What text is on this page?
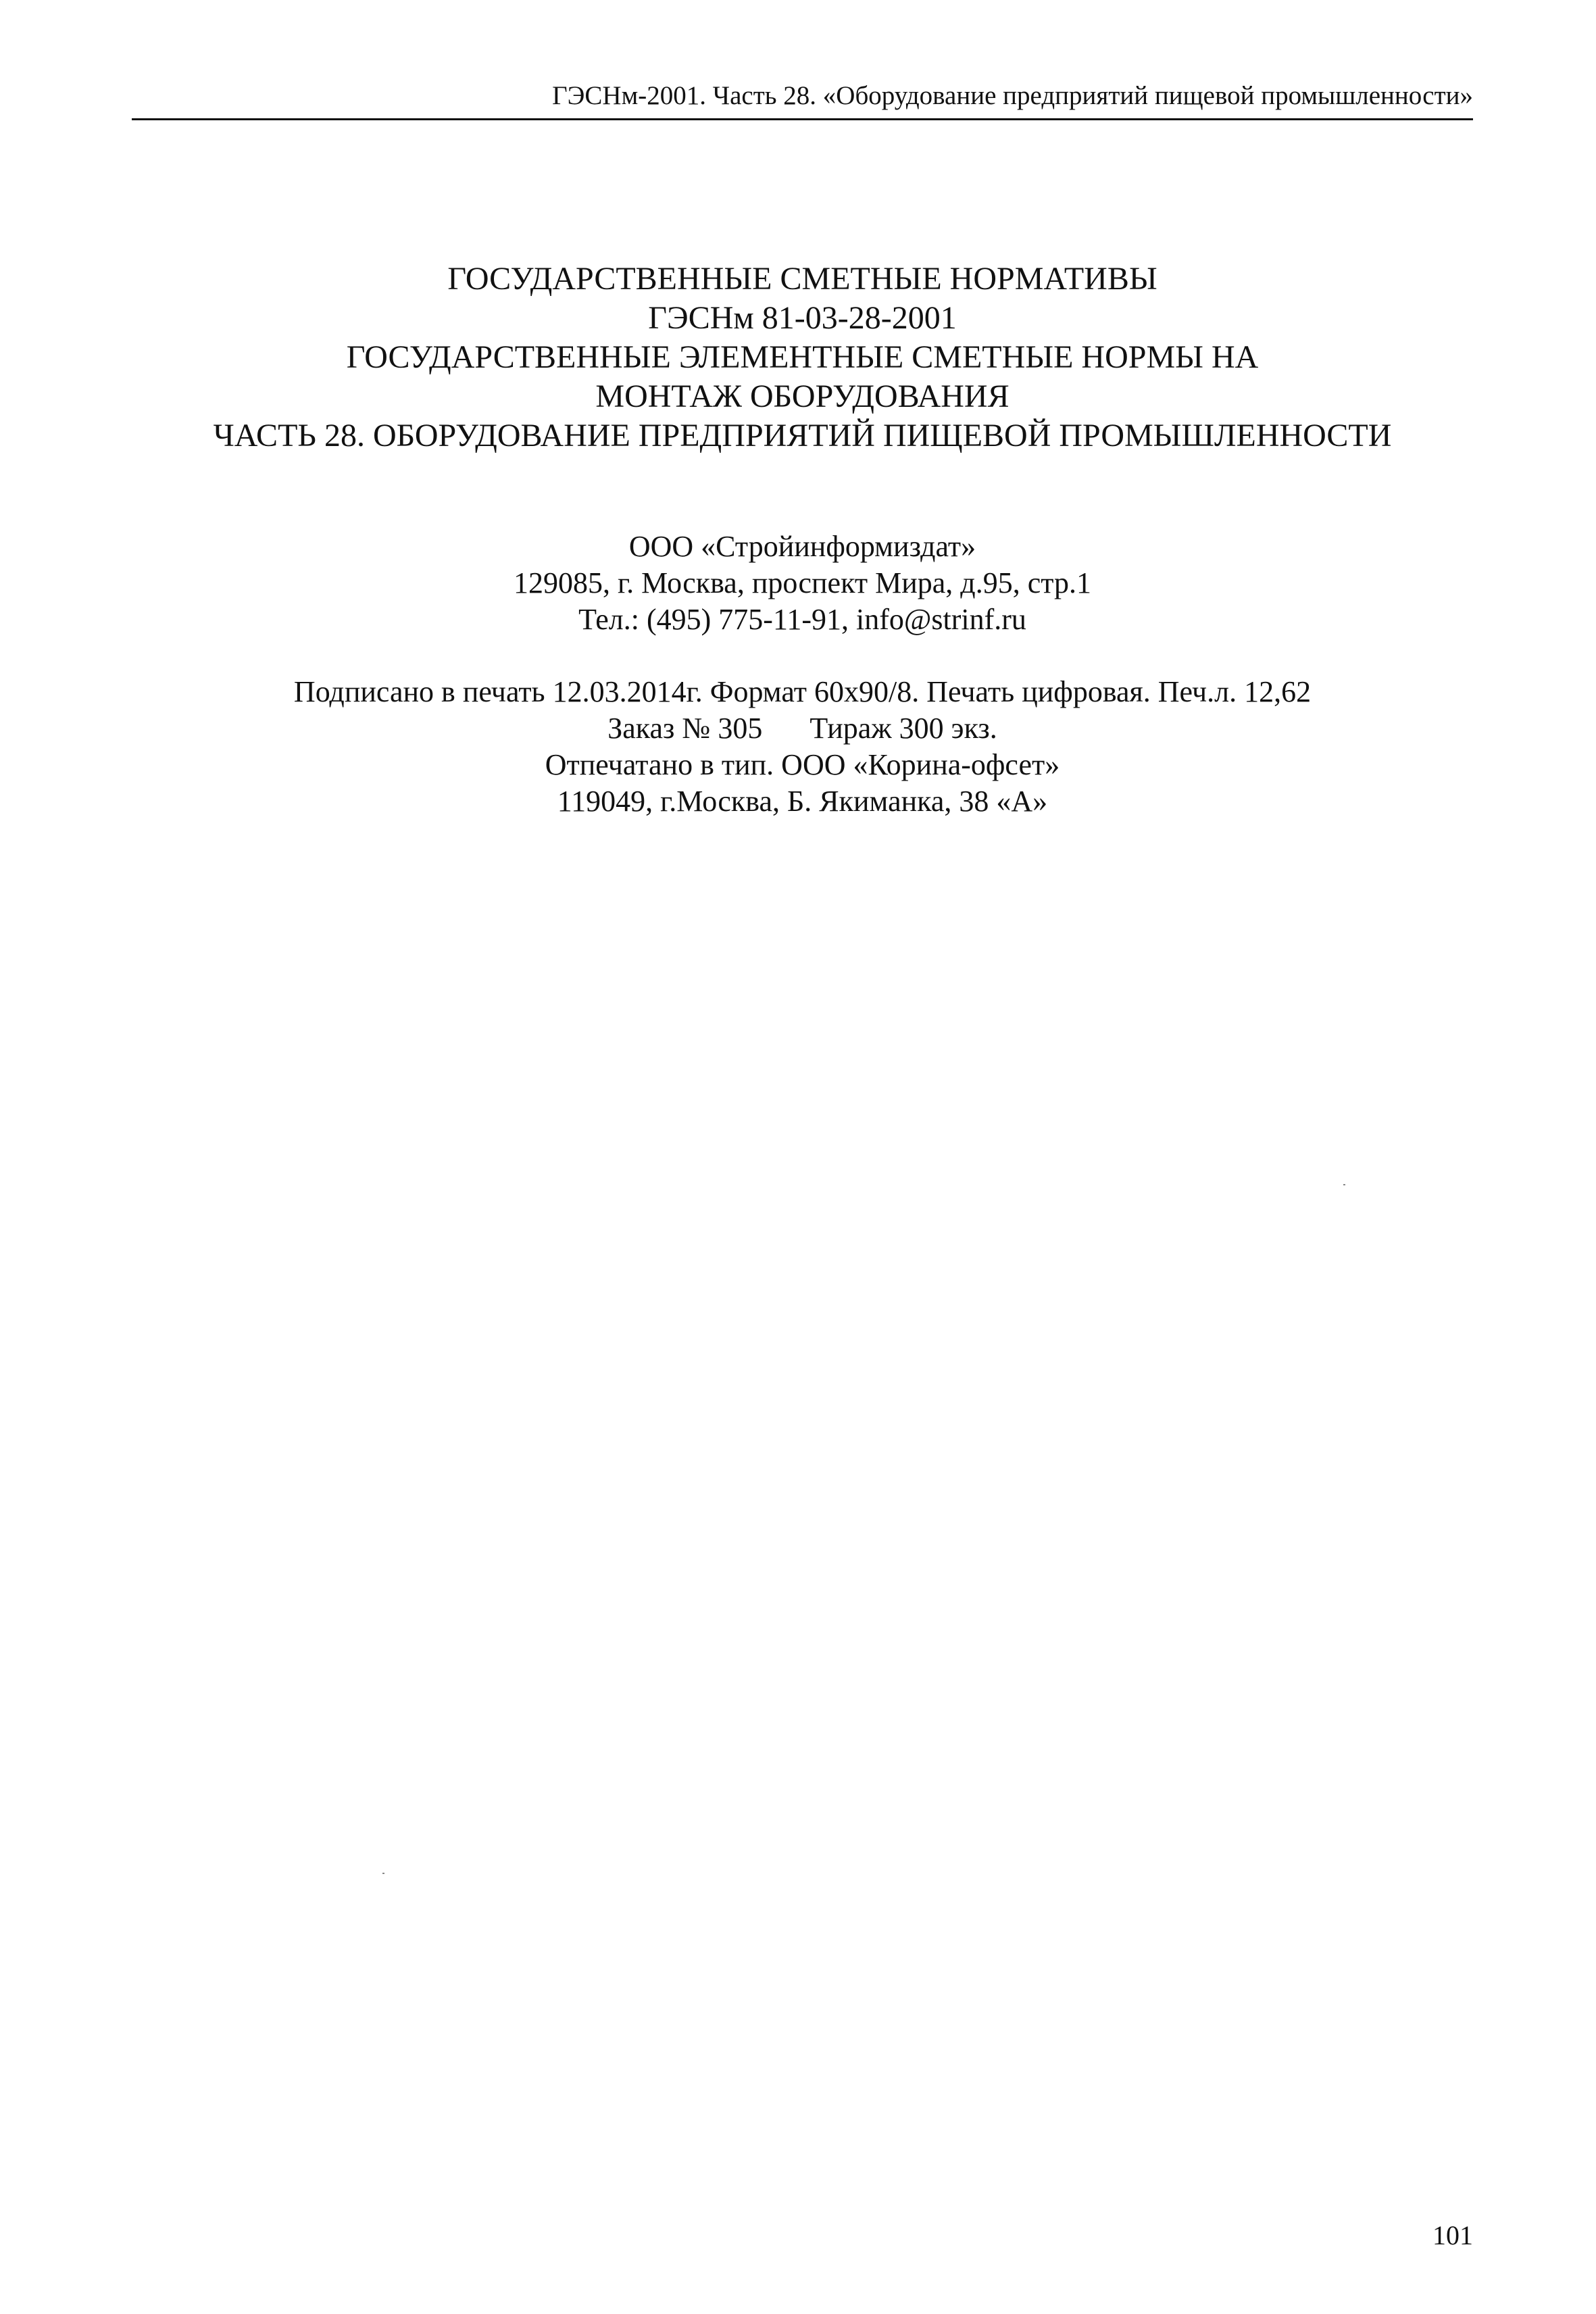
ГЭСНм-2001. Часть 28. «Оборудование предприятий пищевой промышленности»
ГОСУДАРСТВЕННЫЕ СМЕТНЫЕ НОРМАТИВЫ
ГЭСНм 81-03-28-2001
ГОСУДАРСТВЕННЫЕ ЭЛЕМЕНТНЫЕ СМЕТНЫЕ НОРМЫ НА
МОНТАЖ ОБОРУДОВАНИЯ
ЧАСТЬ 28. ОБОРУДОВАНИЕ ПРЕДПРИЯТИЙ ПИЩЕВОЙ ПРОМЫШЛЕННОСТИ
ООО «Стройинформиздат»
129085, г. Москва, проспект Мира, д.95, стр.1
Тел.: (495) 775-11-91, info@strinf.ru
Подписано в печать 12.03.2014г. Формат 60х90/8. Печать цифровая. Печ.л. 12,62
Заказ № 305 Тираж 300 экз.
Отпечатано в тип. ООО «Корина-офсет»
119049, г.Москва, Б. Якиманка, 38 «А»
101
